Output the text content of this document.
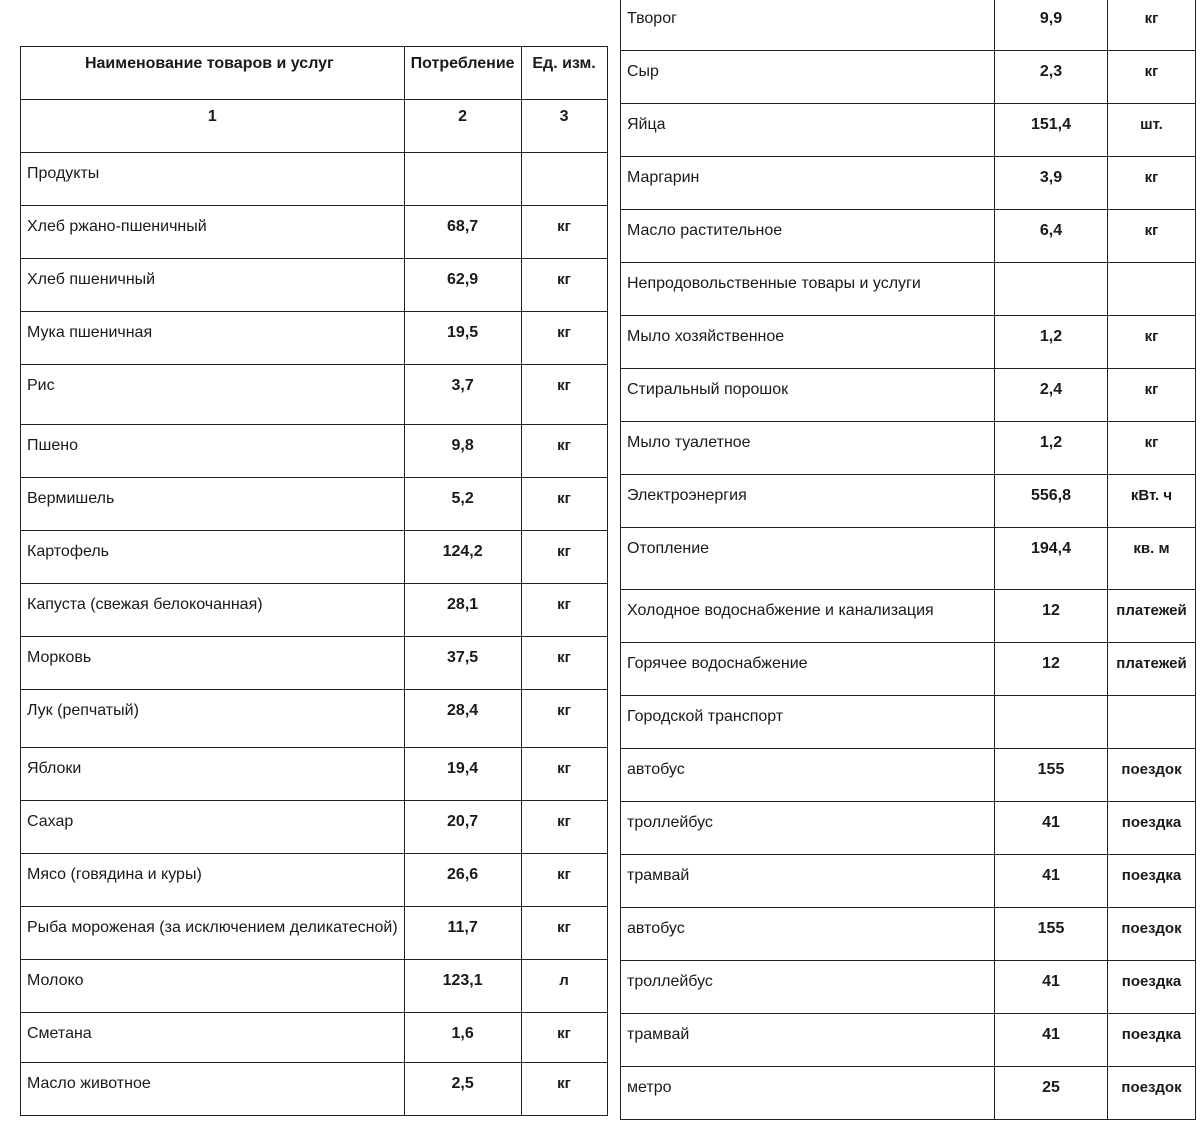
Наименование товаров и услуг	Потребление	Ед. изм.
1	2	3
Продукты		
Хлеб ржано-пшеничный	68,7	кг
Хлеб пшеничный	62,9	кг
Мука пшеничная	19,5	кг
Рис	3,7	кг
Пшено	9,8	кг
Вермишель	5,2	кг
Картофель	124,2	кг
Капуста (свежая белокочанная)	28,1	кг
Морковь	37,5	кг
Лук (репчатый)	28,4	кг
Яблоки	19,4	кг
Сахар	20,7	кг
Мясо (говядина и куры)	26,6	кг
Рыба мороженая (за исключением деликатесной)	11,7	кг
Молоко	123,1	л
Сметана	1,6	кг
Масло животное	2,5	кг
Творог	9,9	кг
Сыр	2,3	кг
Яйца	151,4	шт.
Маргарин	3,9	кг
Масло растительное	6,4	кг
Непродовольственные товары и услуги		
Мыло хозяйственное	1,2	кг
Стиральный порошок	2,4	кг
Мыло туалетное	1,2	кг
Электроэнергия	556,8	кВт. ч
Отопление	194,4	кв. м
Холодное водоснабжение и канализация	12	платежей
Горячее водоснабжение	12	платежей
Городской транспорт		
автобус	155	поездок
троллейбус	41	поездка
трамвай	41	поездка
автобус	155	поездок
троллейбус	41	поездка
трамвай	41	поездка
метро	25	поездок
